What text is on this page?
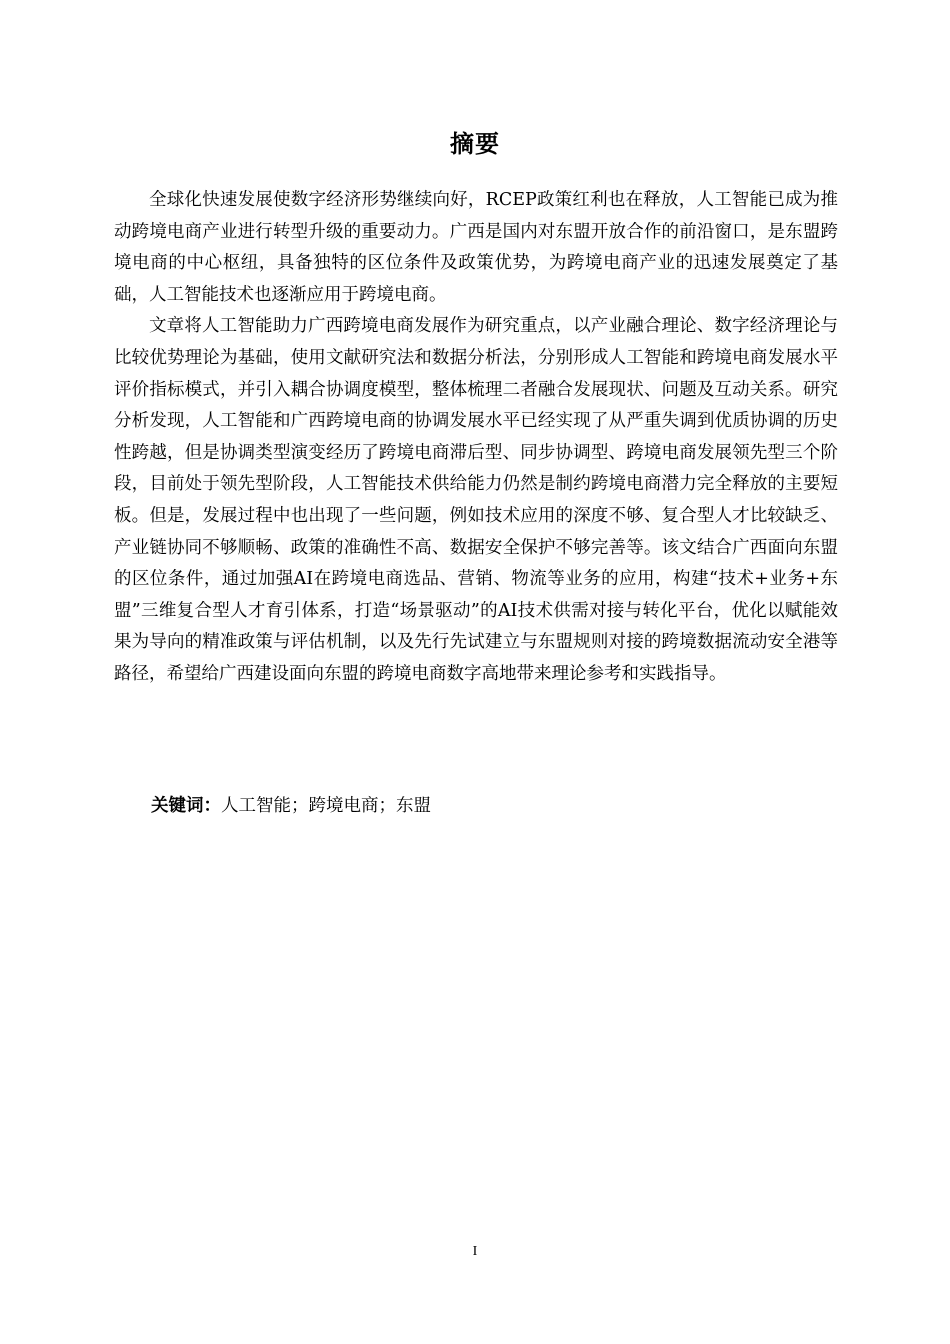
摘要

全球化快速发展使数字经济形势继续向好，RCEP政策红利也在释放，人工智能已成为推动跨境电商产业进行转型升级的重要动力。广西是国内对东盟开放合作的前沿窗口，是东盟跨境电商的中心枢纽，具备独特的区位条件及政策优势，为跨境电商产业的迅速发展奠定了基础，人工智能技术也逐渐应用于跨境电商。

文章将人工智能助力广西跨境电商发展作为研究重点，以产业融合理论、数字经济理论与比较优势理论为基础，使用文献研究法和数据分析法，分别形成人工智能和跨境电商发展水平评价指标模式，并引入耦合协调度模型，整体梳理二者融合发展现状、问题及互动关系。研究分析发现，人工智能和广西跨境电商的协调发展水平已经实现了从严重失调到优质协调的历史性跨越，但是协调类型演变经历了跨境电商滞后型、同步协调型、跨境电商发展领先型三个阶段，目前处于领先型阶段，人工智能技术供给能力仍然是制约跨境电商潜力完全释放的主要短板。但是，发展过程中也出现了一些问题，例如技术应用的深度不够、复合型人才比较缺乏、产业链协同不够顺畅、政策的准确性不高、数据安全保护不够完善等。该文结合广西面向东盟的区位条件，通过加强AI在跨境电商选品、营销、物流等业务的应用，构建“技术+业务+东盟”三维复合型人才育引体系，打造“场景驱动”的AI技术供需对接与转化平台，优化以赋能效果为导向的精准政策与评估机制，以及先行先试建立与东盟规则对接的跨境数据流动安全港等路径，希望给广西建设面向东盟的跨境电商数字高地带来理论参考和实践指导。

关键词：人工智能；跨境电商；东盟
I
